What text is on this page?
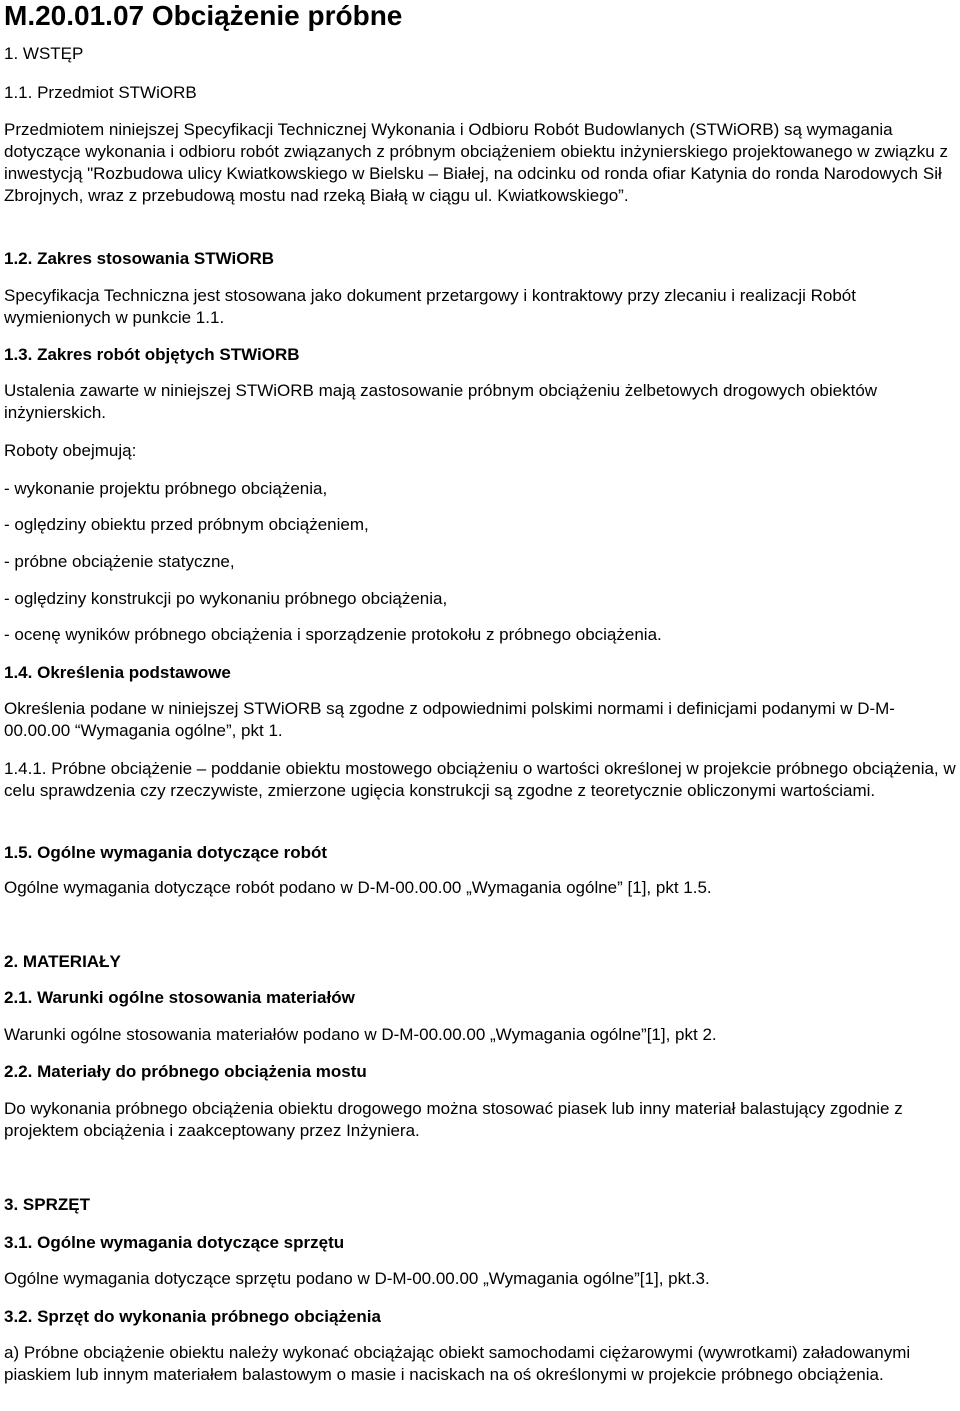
M.20.01.07 Obciążenie próbne
1. WSTĘP
1.1. Przedmiot STWiORB

Przedmiotem niniejszej Specyfikacji Technicznej Wykonania i Odbioru Robót Budowlanych (STWiORB) są wymagania dotyczące wykonania i odbioru robót związanych z próbnym obciążeniem obiektu inżynierskiego projektowanego w związku z inwestycją "Rozbudowa ulicy Kwiatkowskiego w Bielsku – Białej, na odcinku od ronda ofiar Katynia do ronda Narodowych Sił Zbrojnych, wraz z przebudową mostu nad rzeką Białą w ciągu ul. Kwiatkowskiego”.

1.2. Zakres stosowania STWiORB

Specyfikacja Techniczna jest stosowana jako dokument przetargowy i kontraktowy przy zlecaniu i realizacji Robót wymienionych w punkcie 1.1.

1.3. Zakres robót objętych STWiORB

Ustalenia zawarte w niniejszej STWiORB mają zastosowanie próbnym obciążeniu żelbetowych drogowych obiektów inżynierskich.

Roboty obejmują:

- wykonanie projektu próbnego obciążenia,

- oględziny obiektu przed próbnym obciążeniem,

- próbne obciążenie statyczne,

- oględziny konstrukcji po wykonaniu próbnego obciążenia,

- ocenę wyników próbnego obciążenia i sporządzenie protokołu z próbnego obciążenia.

1.4. Określenia podstawowe

Określenia podane w niniejszej STWiORB są zgodne z odpowiednimi polskimi normami i definicjami podanymi w D-M-00.00.00 “Wymagania ogólne”, pkt 1.

1.4.1. Próbne obciążenie – poddanie obiektu mostowego obciążeniu o wartości określonej w projekcie próbnego obciążenia, w celu sprawdzenia czy rzeczywiste, zmierzone ugięcia konstrukcji są zgodne z teoretycznie obliczonymi wartościami.

1.5. Ogólne wymagania dotyczące robót

Ogólne wymagania dotyczące robót podano w D-M-00.00.00 „Wymagania ogólne” [1], pkt 1.5.

2. MATERIAŁY
2.1. Warunki ogólne stosowania materiałów

Warunki ogólne stosowania materiałów podano w D-M-00.00.00 „Wymagania ogólne”[1], pkt 2.

2.2. Materiały do próbnego obciążenia mostu

Do wykonania próbnego obciążenia obiektu drogowego można stosować piasek lub inny materiał balastujący zgodnie z projektem obciążenia i zaakceptowany przez Inżyniera.

3. SPRZĘT
3.1. Ogólne wymagania dotyczące sprzętu

Ogólne wymagania dotyczące sprzętu podano w D-M-00.00.00 „Wymagania ogólne”[1], pkt.3.

3.2. Sprzęt do wykonania próbnego obciążenia

a) Próbne obciążenie obiektu należy wykonać obciążając obiekt samochodami ciężarowymi (wywrotkami) załadowanymi piaskiem lub innym materiałem balastowym o masie i naciskach na oś określonymi w projekcie próbnego obciążenia.
